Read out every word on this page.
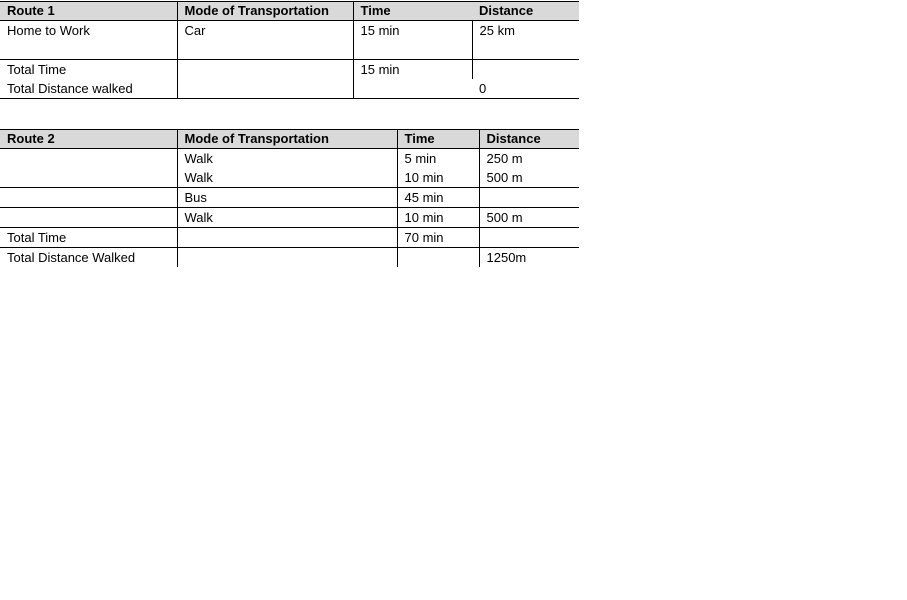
Route 1	Mode of Transportation	Time	Distance
Home to Work	Car	15 min	25 km
Total Time		15 min	
Total Distance walked			0
Route 2	Mode of Transportation	Time	Distance
	Walk	5 min	250 m
	Walk	10 min	500 m
	Bus	45 min	
	Walk	10 min	500 m
Total Time		70 min	
Total Distance Walked			1250m
